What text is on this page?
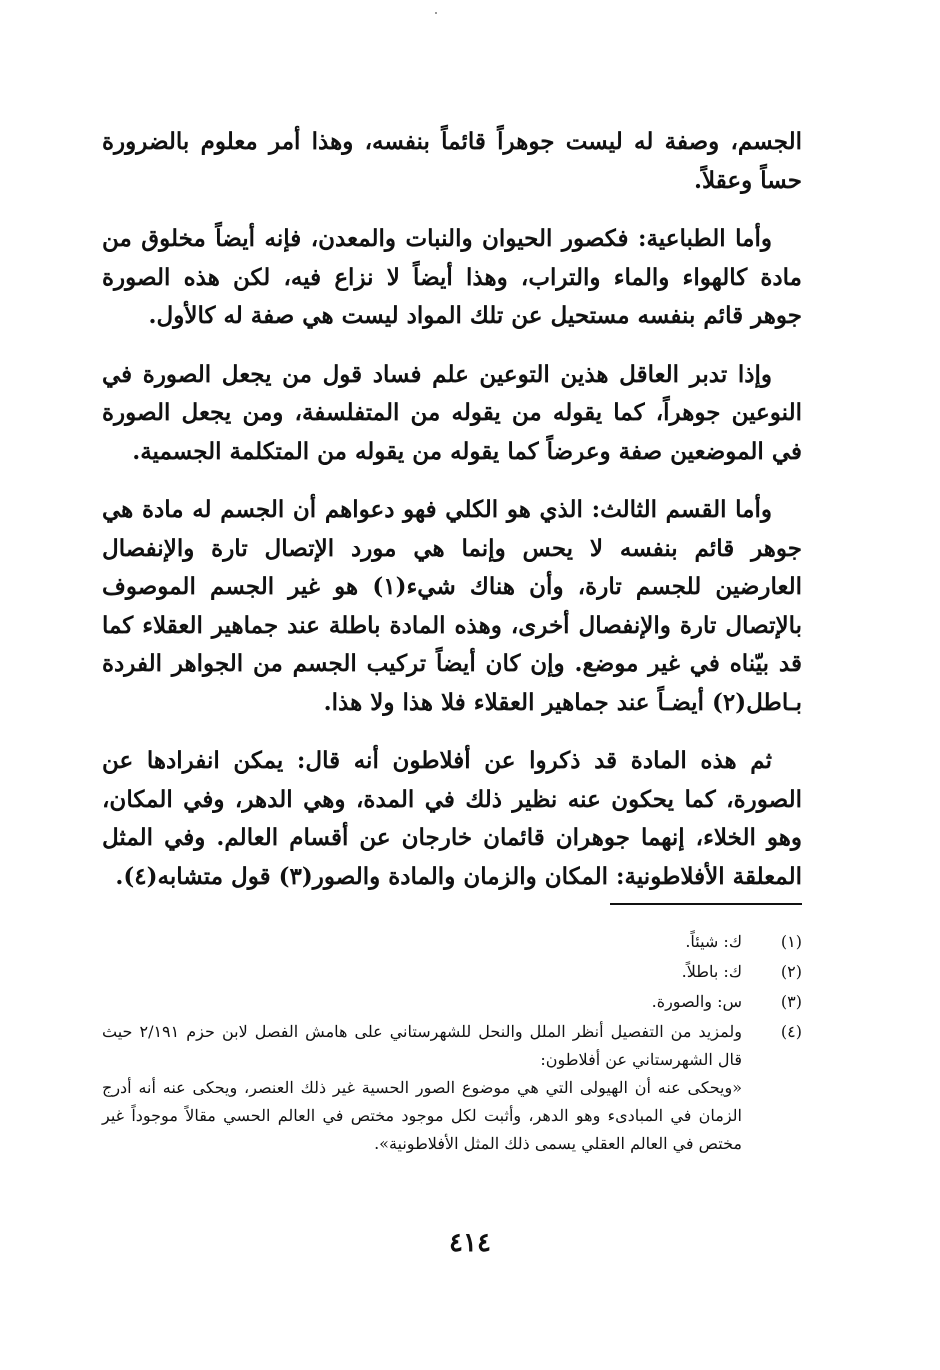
الجسم، وصفة له ليست جوهراً قائماً بنفسه، وهذا أمر معلوم بالضرورة حساً وعقلاً.

وأما الطباعية: فكصور الحيوان والنبات والمعدن، فإنه أيضاً مخلوق من مادة كالهواء والماء والتراب، وهذا أيضاً لا نزاع فيه، لكن هذه الصورة جوهر قائم بنفسه مستحيل عن تلك المواد ليست هي صفة له كالأول.

وإذا تدبر العاقل هذين التوعين علم فساد قول من يجعل الصورة في النوعين جوهراً، كما يقوله من يقوله من المتفلسفة، ومن يجعل الصورة في الموضعين صفة وعرضاً كما يقوله من يقوله من المتكلمة الجسمية.

وأما القسم الثالث: الذي هو الكلي فهو دعواهم أن الجسم له مادة هي جوهر قائم بنفسه لا يحس وإنما هي مورد الإتصال تارة والإنفصال العارضين للجسم تارة، وأن هناك شيء(١) هو غير الجسم الموصوف بالإتصال تارة والإنفصال أخرى، وهذه المادة باطلة عند جماهير العقلاء كما قد بيّناه في غير موضع. وإن كان أيضاً تركيب الجسم من الجواهر الفردة بـاطل(٢) أيضـاً عند جماهير العقلاء فلا هذا ولا هذا.

ثم هذه المادة قد ذكروا عن أفلاطون أنه قال: يمكن انفرادها عن الصورة، كما يحكون عنه نظير ذلك في المدة، وهي الدهر، وفي المكان، وهو الخلاء، إنهما جوهران قائمان خارجان عن أقسام العالم. وفي المثل المعلقة الأفلاطونية: المكان والزمان والمادة والصور(٣) قول متشابه(٤).

(١)
ك: شيئاً.
(٢)
ك: باطلاً.
(٣)
س: والصورة.
(٤)
ولمزيد من التفصيل أنظر الملل والنحل للشهرستاني على هامش الفصل لابن حزم ٢/١٩١ حيث قال الشهرستاني عن أفلاطون:
«ويحكى عنه أن الهيولى التي هي موضوع الصور الحسية غير ذلك العنصر، ويحكى عنه أنه أدرج الزمان في المبادىء وهو الدهر، وأثبت لكل موجود مختص في العالم الحسي مقالاً موجوداً غير مختص في العالم العقلي يسمى ذلك المثل الأفلاطونية».
٤١٤
